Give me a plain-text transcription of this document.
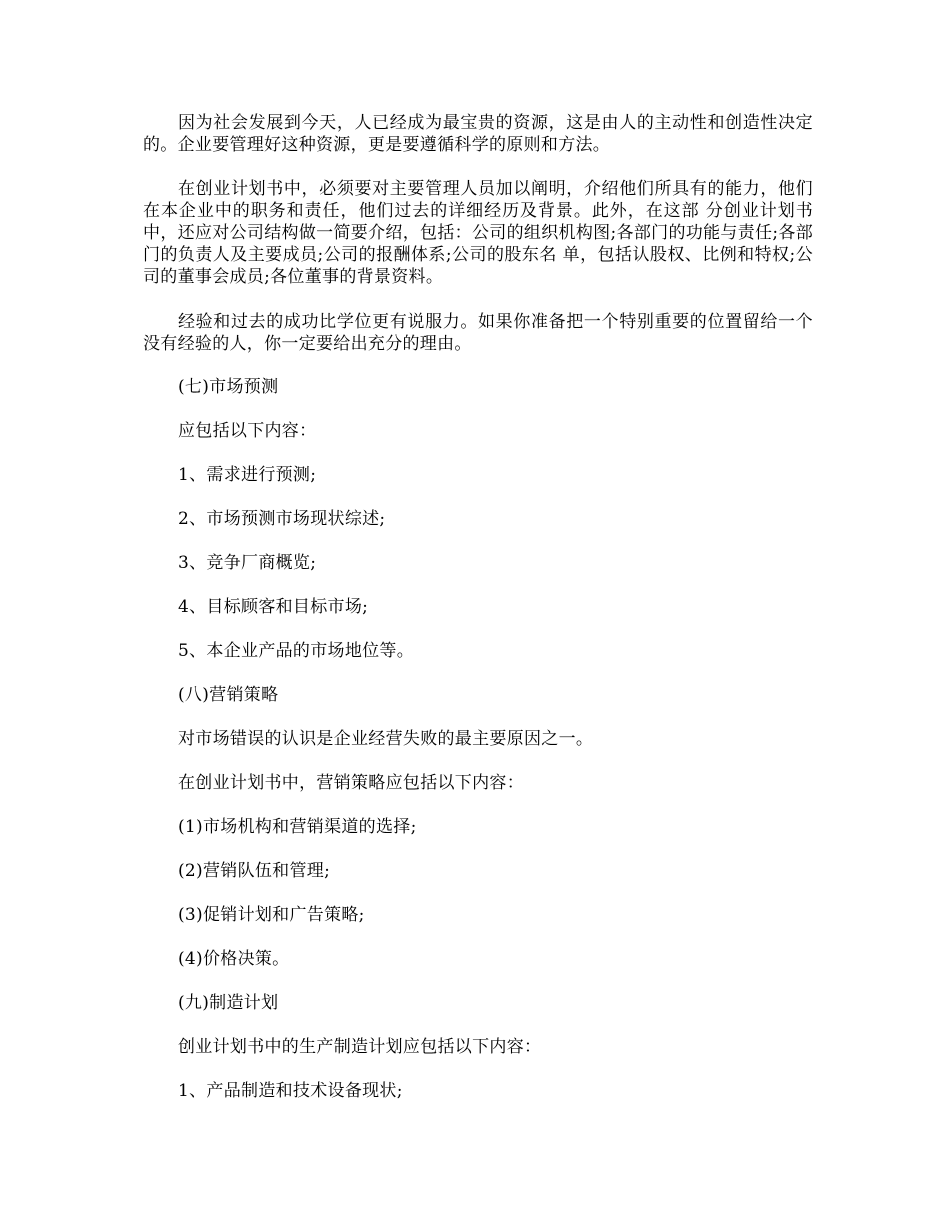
因为社会发展到今天，人已经成为最宝贵的资源，这是由人的主动性和创造性决定的。企业要管理好这种资源，更是要遵循科学的原则和方法。

在创业计划书中，必须要对主要管理人员加以阐明，介绍他们所具有的能力，他们在本企业中的职务和责任，他们过去的详细经历及背景。此外，在这部 分创业计划书中，还应对公司结构做一简要介绍，包括：公司的组织机构图;各部门的功能与责任;各部门的负责人及主要成员;公司的报酬体系;公司的股东名 单，包括认股权、比例和特权;公司的董事会成员;各位董事的背景资料。

经验和过去的成功比学位更有说服力。如果你准备把一个特别重要的位置留给一个没有经验的人，你一定要给出充分的理由。

(七)市场预测

应包括以下内容：

1、需求进行预测;

2、市场预测市场现状综述;

3、竞争厂商概览;

4、目标顾客和目标市场;

5、本企业产品的市场地位等。

(八)营销策略

对市场错误的认识是企业经营失败的最主要原因之一。

在创业计划书中，营销策略应包括以下内容：

(1)市场机构和营销渠道的选择;

(2)营销队伍和管理;

(3)促销计划和广告策略;

(4)价格决策。

(九)制造计划

创业计划书中的生产制造计划应包括以下内容：

1、产品制造和技术设备现状;
